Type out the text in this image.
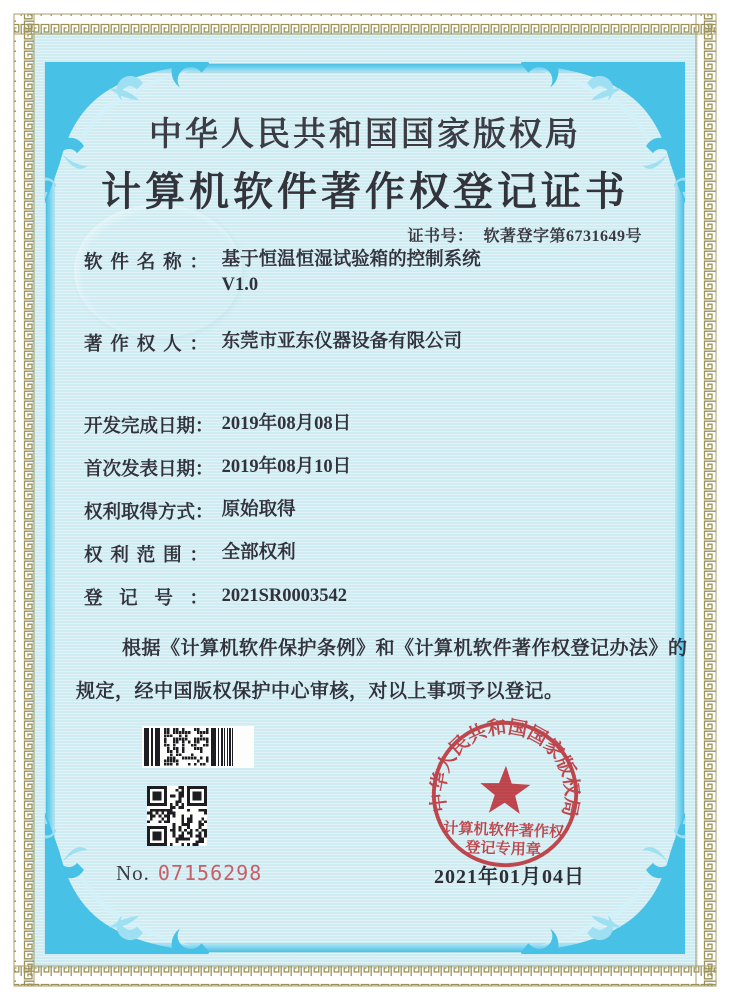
中华人民共和国国家版权局
计算机软件著作权登记证书
证书号： 软著登字第6731649号
软件名称： 基于恒温恒湿试验箱的控制系统
V1.0
著作权人： 东莞市亚东仪器设备有限公司
开发完成日期： 2019年08月08日
首次发表日期： 2019年08月10日
权利取得方式： 原始取得
权利范围： 全部权利
登记号： 2021SR0003542
根据《计算机软件保护条例》和《计算机软件著作权登记办法》的
规定，经中国版权保护中心审核，对以上事项予以登记。
No. 07156298
中华人民共和国国家版权局
计算机软件著作权
登记专用章
2021年01月04日
